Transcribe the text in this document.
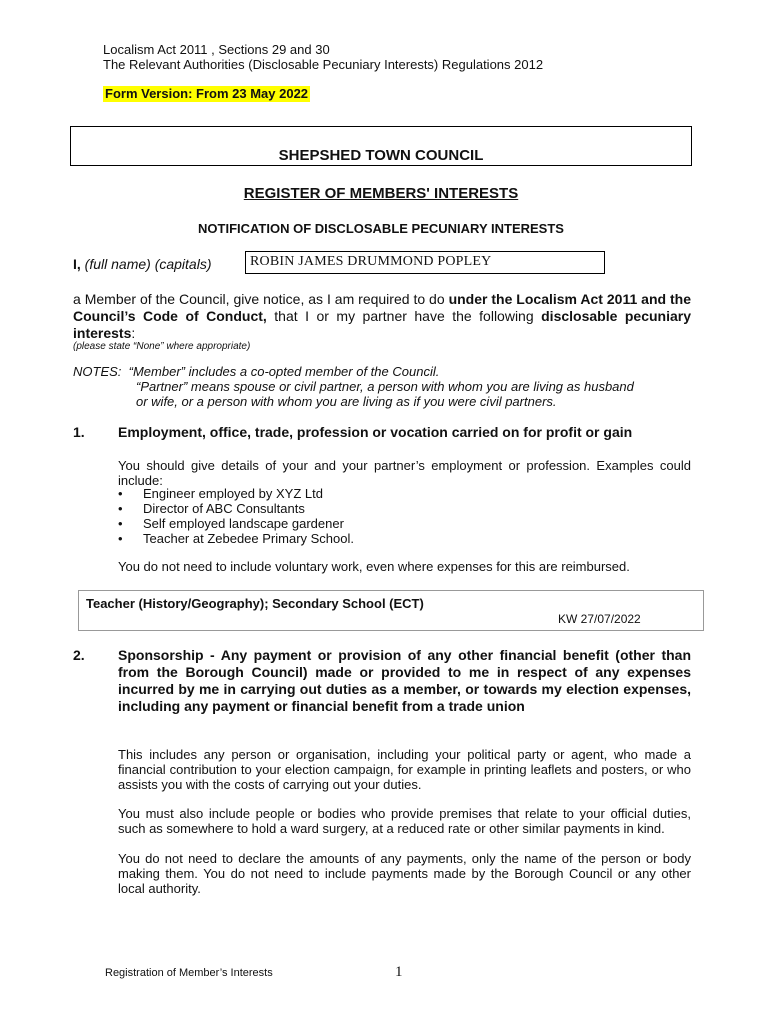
Localism Act 2011 , Sections 29 and 30
The Relevant Authorities (Disclosable Pecuniary Interests) Regulations 2012
Form Version: From 23 May 2022
SHEPSHED TOWN COUNCIL
REGISTER OF MEMBERS' INTERESTS
NOTIFICATION OF DISCLOSABLE PECUNIARY INTERESTS
I, (full name) (capitals)	ROBIN JAMES DRUMMOND POPLEY
a Member of the Council, give notice, as I am required to do under the Localism Act 2011 and the Council’s Code of Conduct, that I or my partner have the following disclosable pecuniary interests:
(please state “None” where appropriate)
NOTES: “Member” includes a co-opted member of the Council.
“Partner” means spouse or civil partner, a person with whom you are living as husband
or wife, or a person with whom you are living as if you were civil partners.
1. Employment, office, trade, profession or vocation carried on for profit or gain
You should give details of your and your partner’s employment or profession. Examples could include:
• Engineer employed by XYZ Ltd
• Director of ABC Consultants
• Self employed landscape gardener
• Teacher at Zebedee Primary School.
You do not need to include voluntary work, even where expenses for this are reimbursed.
Teacher (History/Geography); Secondary School (ECT)
KW 27/07/2022
2. Sponsorship - Any payment or provision of any other financial benefit (other than from the Borough Council) made or provided to me in respect of any expenses incurred by me in carrying out duties as a member, or towards my election expenses, including any payment or financial benefit from a trade union
This includes any person or organisation, including your political party or agent, who made a financial contribution to your election campaign, for example in printing leaflets and posters, or who assists you with the costs of carrying out your duties.
You must also include people or bodies who provide premises that relate to your official duties, such as somewhere to hold a ward surgery, at a reduced rate or other similar payments in kind.
You do not need to declare the amounts of any payments, only the name of the person or body making them. You do not need to include payments made by the Borough Council or any other local authority.
Registration of Member’s Interests	1
